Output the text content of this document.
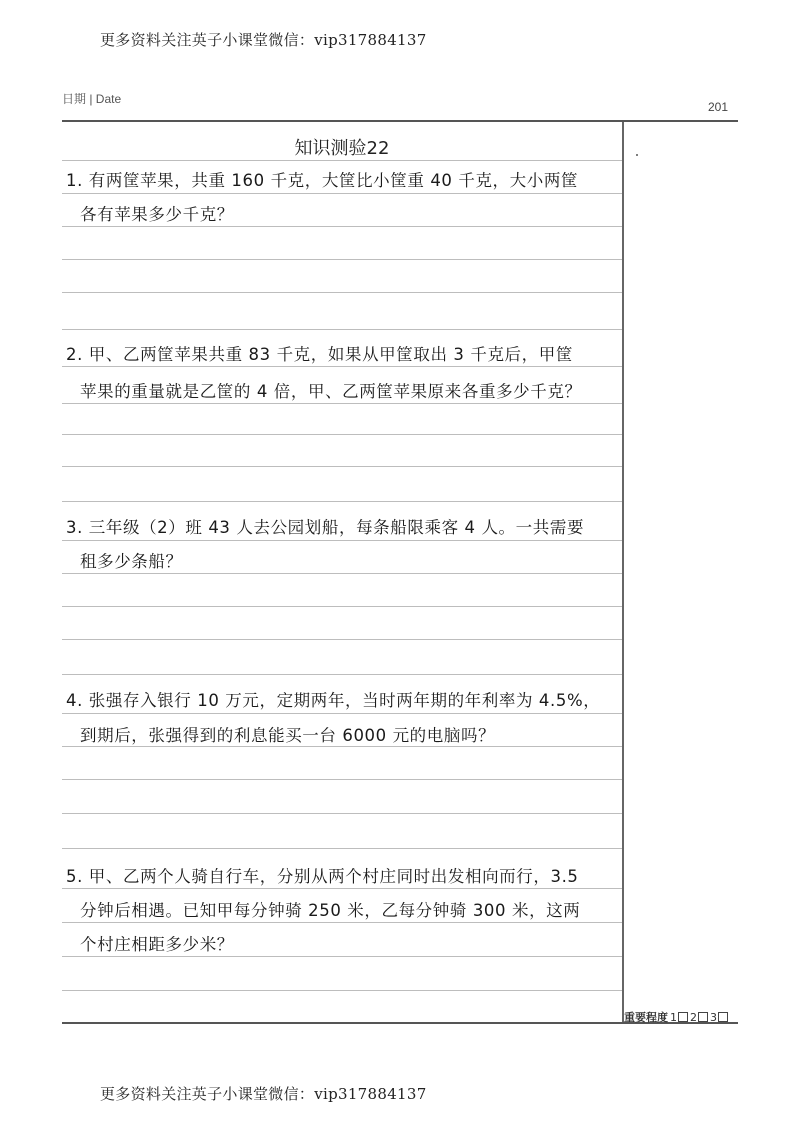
更多资料关注英子小课堂微信：vip317884137
日期 | Date
201
知识测验22
1. 有两筐苹果，共重 160 千克，大筐比小筐重 40 千克，大小两筐
各有苹果多少千克？
2. 甲、乙两筐苹果共重 83 千克，如果从甲筐取出 3 千克后，甲筐
苹果的重量就是乙筐的 4 倍，甲、乙两筐苹果原来各重多少千克？
3. 三年级（2）班 43 人去公园划船，每条船限乘客 4 人。一共需要
租多少条船？
4. 张强存入银行 10 万元，定期两年，当时两年期的年利率为 4.5%，
到期后，张强得到的利息能买一台 6000 元的电脑吗？
5. 甲、乙两个人骑自行车，分别从两个村庄同时出发相向而行，3.5
分钟后相遇。已知甲每分钟骑 250 米，乙每分钟骑 300 米，这两
个村庄相距多少米？
重要程度 1 2 3
更多资料关注英子小课堂微信：vip317884137
